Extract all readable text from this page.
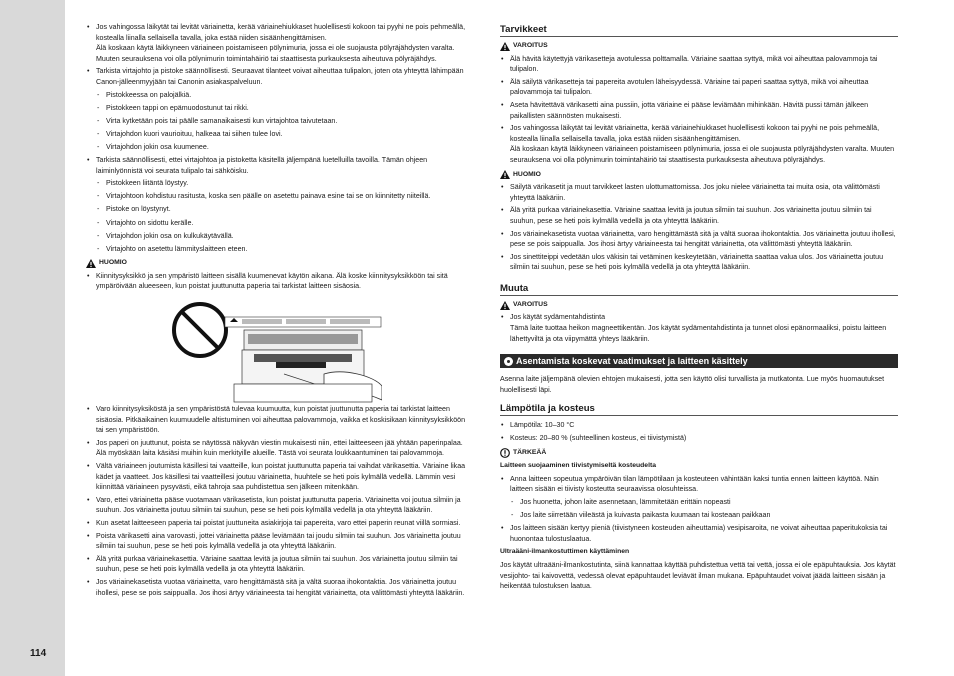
114

• Jos vahingossa läikytät tai levität väriainetta, kerää väriainehiukkaset huolellisesti kokoon tai pyyhi ne pois pehmeällä, kostealla liinalla sellaisella tavalla, joka estää niiden sisäänhengittämisen.

Älä koskaan käytä läikkyneen väriaineen poistamiseen pölynimuria, jossa ei ole suojausta pölyräjähdysten varalta. Muuten seurauksena voi olla pölynimurin toimintahäiriö tai staattisesta purkauksesta aiheutuva pölyräjähdys.

• Tarkista virtajohto ja pistoke säännöllisesti. Seuraavat tilanteet voivat aiheuttaa tulipalon, joten ota yhteyttä lähimpään Canon-jälleenmyyjään tai Canonin asiakaspalveluun.

- Pistokkeessa on palojälkiä.
- Pistokkeen tappi on epämuodostunut tai rikki.
- Virta kytketään pois tai päälle samanaikaisesti kun virtajohtoa taivutetaan.
- Virtajohdon kuori vaurioituu, halkeaa tai siihen tulee lovi.
- Virtajohdon jokin osa kuumenee.

• Tarkista säännöllisesti, ettei virtajohtoa ja pistoketta käsitellä jäljempänä luetelluilla tavoilla. Tämän ohjeen laiminlyönnistä voi seurata tulipalo tai sähköisku.

- Pistokkeen liitäntä löystyy.
- Virtajohtoon kohdistuu rasitusta, koska sen päälle on asetettu painava esine tai se on kiinnitetty niiteillä.
- Pistoke on löystynyt.
- Virtajohto on sidottu kerälle.
- Virtajohdon jokin osa on kulkukäytävällä.
- Virtajohto on asetettu lämmityslaitteen eteen.
HUOMIO
• Kiinnitysyksikkö ja sen ympäristö laitteen sisällä kuumenevat käytön aikana. Älä koske kiinnitysyksikköön tai sitä ympäröivään alueeseen, kun poistat juuttunutta paperia tai tarkistat laitteen sisäosia.
• Varo kiinnitysyksiköstä ja sen ympäristöstä tulevaa kuumuutta, kun poistat juuttunutta paperia tai tarkistat laitteen sisäosia. Pitkäaikainen kuumuudelle altistuminen voi aiheuttaa palovammoja, vaikka et koskisikaan kiinnitysyksikköön tai sen ympäristöön.
• Jos paperi on juuttunut, poista se näytössä näkyvän viestin mukaisesti niin, ettei laitteeseen jää yhtään paperinpalaa. Älä myöskään laita käsiäsi muihin kuin merkityille alueille. Tästä voi seurata loukkaantuminen tai palovammoja.
• Vältä väriaineen joutumista käsillesi tai vaatteille, kun poistat juuttunutta paperia tai vaihdat värikasettia. Väriaine likaa kädet ja vaatteet. Jos käsillesi tai vaatteillesi joutuu väriainetta, huuhtele se heti pois kylmällä vedellä. Lämmin vesi kiinnittää väriaineen pysyvästi, eikä tahroja saa puhdistettua sen jälkeen mitenkään.
• Varo, ettei väriainetta pääse vuotamaan värikasetista, kun poistat juuttunutta paperia. Väriainetta voi joutua silmiin ja suuhun. Jos väriainetta joutuu silmiin tai suuhun, pese se heti pois kylmällä vedellä ja ota yhteyttä lääkäriin.
• Kun asetat laitteeseen paperia tai poistat juuttuneita asiakirjoja tai papereita, varo ettei paperin reunat viillä sormiasi.
• Poista värikasetti aina varovasti, jottei väriainetta pääse leviämään tai joudu silmiin tai suuhun. Jos väriainetta joutuu silmiin tai suuhun, pese se heti pois kylmällä vedellä ja ota yhteyttä lääkäriin.
• Älä yritä purkaa väriainekasettia. Väriaine saattaa levitä ja joutua silmiin tai suuhun. Jos väriainetta joutuu silmiin tai suuhun, pese se heti pois kylmällä vedellä ja ota yhteyttä lääkäriin.
• Jos väriainekasetista vuotaa väriainetta, varo hengittämästä sitä ja vältä suoraa ihokontaktia. Jos väriainetta joutuu ihollesi, pese se pois saippualla. Jos ihosi ärtyy väriaineesta tai hengität väriainetta, ota välittömästi yhteyttä lääkäriin.
Tarvikkeet
VAROITUS
• Älä hävitä käytettyjä värikasetteja avotulessa polttamalla. Väriaine saattaa syttyä, mikä voi aiheuttaa palovammoja tai tulipalon.
• Älä säilytä värikasetteja tai papereita avotulen läheisyydessä. Väriaine tai paperi saattaa syttyä, mikä voi aiheuttaa palovammoja tai tulipalon.
• Aseta hävitettävä värikasetti aina pussiin, jotta väriaine ei pääse leviämään mihinkään. Hävitä pussi tämän jälkeen paikallisten säännösten mukaisesti.

• Jos vahingossa läikytät tai levität väriainetta, kerää väriainehiukkaset huolellisesti kokoon tai pyyhi ne pois pehmeällä, kostealla liinalla sellaisella tavalla, joka estää niiden sisäänhengittämisen.

Älä koskaan käytä läikkyneen väriaineen poistamiseen pölynimuria, jossa ei ole suojausta pölyräjähdysten varalta. Muuten seurauksena voi olla pölynimurin toimintahäiriö tai staattisesta purkauksesta aiheutuva pölyräjähdys.

HUOMIO
• Säilytä värikasetit ja muut tarvikkeet lasten ulottumattomissa. Jos joku nielee väriainetta tai muita osia, ota välittömästi yhteyttä lääkäriin.
• Älä yritä purkaa väriainekasettia. Väriaine saattaa levitä ja joutua silmiin tai suuhun. Jos väriainetta joutuu silmiin tai suuhun, pese se heti pois kylmällä vedellä ja ota yhteyttä lääkäriin.
• Jos väriainekasetista vuotaa väriainetta, varo hengittämästä sitä ja vältä suoraa ihokontaktia. Jos väriainetta joutuu ihollesi, pese se pois saippualla. Jos ihosi ärtyy väriaineesta tai hengität väriainetta, ota välittömästi yhteyttä lääkäriin.
• Jos sinettiteippi vedetään ulos väkisin tai vetäminen keskeytetään, väriainetta saattaa valua ulos. Jos väriainetta joutuu silmiin tai suuhun, pese se heti pois kylmällä vedellä ja ota yhteyttä lääkäriin.
Muuta
VAROITUS

• Jos käytät sydämentahdistinta

Tämä laite tuottaa heikon magneettikentän. Jos käytät sydämentahdistinta ja tunnet olosi epänormaaliksi, poistu laitteen lähettyviltä ja ota viipymättä yhteys lääkäriin.

Asentamista koskevat vaatimukset ja laitteen käsittely

Asenna laite jäljempänä olevien ehtojen mukaisesti, jotta sen käyttö olisi turvallista ja mutkatonta. Lue myös huomautukset huolellisesti läpi.

Lämpötila ja kosteus
• Lämpötila: 10–30 °C
• Kosteus: 20–80 % (suhteellinen kosteus, ei tiivistymistä)
TÄRKEÄÄ
Laitteen suojaaminen tiivistymiseltä kosteudelta

• Anna laitteen sopeutua ympäröivän tilan lämpötilaan ja kosteuteen vähintään kaksi tuntia ennen laitteen käyttöä. Näin laitteen sisään ei tiivisty kosteutta seuraavissa olosuhteissa.

- Jos huonetta, johon laite asennetaan, lämmitetään erittäin nopeasti
- Jos laite siirretään viileästä ja kuivasta paikasta kuumaan tai kosteaan paikkaan
• Jos laitteen sisään kertyy pieniä (tiivistyneen kosteuden aiheuttamia) vesipisaroita, ne voivat aiheuttaa paperitukoksia tai huonontaa tulostuslaatua.
Ultraääni-ilmankostuttimen käyttäminen

Jos käytät ultraääni-ilmankostutinta, siinä kannattaa käyttää puhdistettua vettä tai vettä, jossa ei ole epäpuhtauksia. Jos käytät vesijohto- tai kaivovettä, vedessä olevat epäpuhtaudet leviävät ilman mukana. Epäpuhtaudet voivat jäädä laitteen sisään ja heikentää tulostuksen laatua.
